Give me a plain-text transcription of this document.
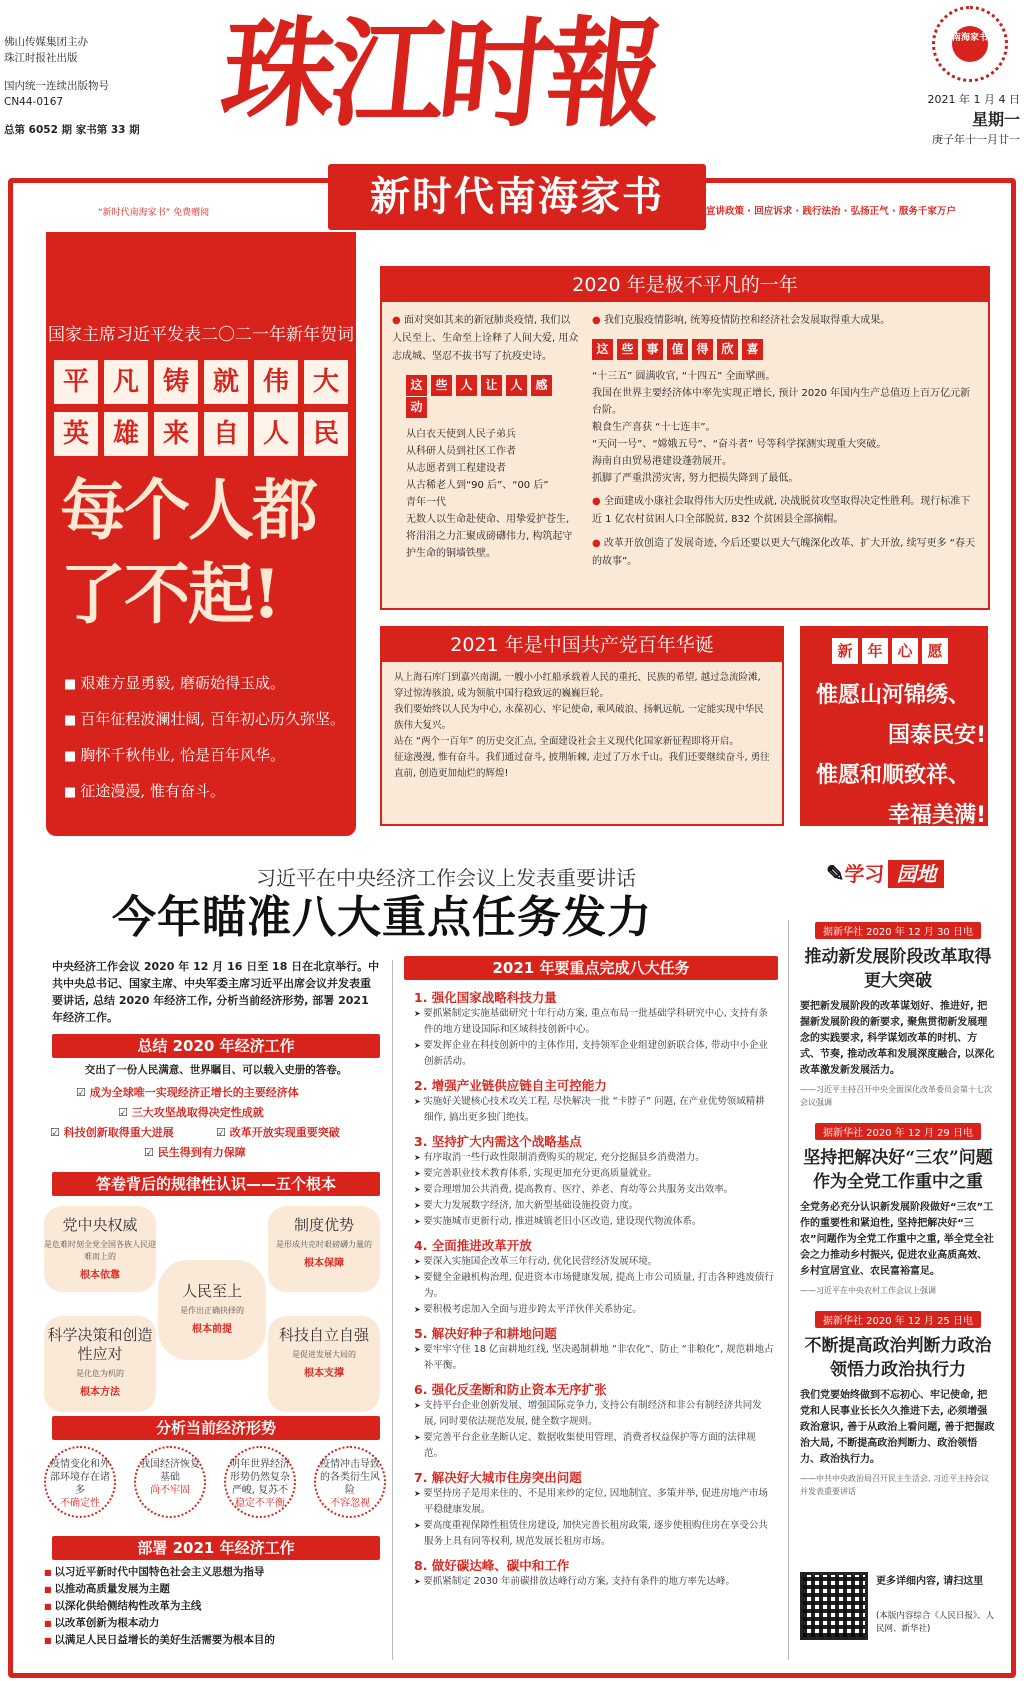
佛山传媒集团主办
珠江时报社出版
国内统一连续出版物号
CN44-0167
总第 6052 期 家书第 33 期 珠江时報	南海家书
2021 年 1 月 4 日
星期一
庚子年十一月廿一
新时代南海家书
“新时代南海家书” 免费赠阅	宣讲政策 · 回应诉求 · 践行法治 · 弘扬正气 · 服务千家万户
国家主席习近平发表二〇二一年新年贺词
平 凡 铸 就 伟 大
英 雄 来 自 人 民
每个人都
了不起!
■ 艰难方显勇毅, 磨砺始得玉成。
■ 百年征程波澜壮阔, 百年初心历久弥坚。
■ 胸怀千秋伟业, 恰是百年风华。
■ 征途漫漫, 惟有奋斗。
2020 年是极不平凡的一年
● 面对突如其来的新冠肺炎疫情, 我们以人民至上、生命至上诠释了人间大爱, 用众志成城、坚忍不拔书写了抗疫史诗。
这 些 人 让 人 感动
从白衣天使到人民子弟兵
从科研人员到社区工作者
从志愿者到工程建设者
从古稀老人到“90 后”、“00 后”
青年一代
无数人以生命赴使命、用挚爱护苍生, 将涓涓之力汇聚成磅礴伟力, 构筑起守护生命的铜墙铁壁。
● 我们克服疫情影响, 统筹疫情防控和经济社会发展取得重大成果。
这 些 事 值 得 欣 喜
“十三五” 圆满收官, “十四五” 全面擘画。
我国在世界主要经济体中率先实现正增长, 预计 2020 年国内生产总值迈上百万亿元新台阶。
粮食生产喜获 “十七连丰”。
“天问一号”、“嫦娥五号”、“奋斗者” 号等科学探测实现重大突破。
海南自由贸易港建设蓬勃展开。
抓脚了严重洪涝灾害, 努力把损失降到了最低。
● 全面建成小康社会取得伟大历史性成就, 决战脱贫攻坚取得决定性胜利。现行标准下近 1 亿农村贫困人口全部脱贫, 832 个贫困县全部摘帽。
● 改革开放创造了发展奇迹, 今后还要以更大气魄深化改革、扩大开放, 续写更多 “春天的故事”。
2021 年是中国共产党百年华诞
从上海石库门到嘉兴南湖, 一艘小小红船承载着人民的重托、民族的希望, 越过急流险滩, 穿过惊涛骇浪, 成为领航中国行稳致远的巍巍巨轮。
我们要始终以人民为中心, 永葆初心、牢记使命, 乘风破浪、扬帆远航, 一定能实现中华民族伟大复兴。
站在 “两个一百年” 的历史交汇点, 全面建设社会主义现代化国家新征程即将开启。
征途漫漫, 惟有奋斗。我们通过奋斗, 披荆斩棘, 走过了万水千山。我们还要继续奋斗, 勇往直前, 创造更加灿烂的辉煌!
新 年 心 愿
惟愿山河锦绣、
国泰民安!
惟愿和顺致祥、
幸福美满!
习近平在中央经济工作会议上发表重要讲话
今年瞄准八大重点任务发力
✎学习 园地
中央经济工作会议 2020 年 12 月 16 日至 18 日在北京举行。中共中央总书记、国家主席、中央军委主席习近平出席会议并发表重要讲话, 总结 2020 年经济工作, 分析当前经济形势, 部署 2021 年经济工作。
总结 2020 年经济工作
交出了一份人民满意、世界瞩目、可以载入史册的答卷。
☑ 成为全球唯一实现经济正增长的主要经济体
☑ 三大攻坚战取得决定性成就
☑ 科技创新取得重大进展
☑	改革开放实现重要突破
☑ 民生得到有力保障
答卷背后的规律性认识——五个根本
党中央权威
是危难时刻全党全国各族人民迎难而上的
根本依靠
制度优势
是形成共克时艰磅礴力量的
根本保障
人民至上
是作出正确抉择的
根本前提
科学决策和创造性应对
是化危为机的
根本方法
科技自立自强
是促进发展大局的
根本支撑
分析当前经济形势
疫情变化和外部环境存在诸多
不确定性
我国经济恢复基础
尚不牢固
明年世界经济形势仍然复杂严峻, 复苏不
稳定不平衡
疫情冲击导致的各类衍生风险
不容忽视
部署 2021 年经济工作
■ 以习近平新时代中国特色社会主义思想为指导
■ 以推动高质量发展为主题
■ 以深化供给侧结构性改革为主线
■ 以改革创新为根本动力
■ 以满足人民日益增长的美好生活需要为根本目的
2021 年要重点完成八大任务
1. 强化国家战略科技力量
➤ 要抓紧制定实施基础研究十年行动方案, 重点布局一批基础学科研究中心, 支持有条件的地方建设国际和区域科技创新中心。
➤ 要发挥企业在科技创新中的主体作用, 支持领军企业组建创新联合体, 带动中小企业创新活动。
2. 增强产业链供应链自主可控能力
➤ 实施好关键核心技术攻关工程, 尽快解决一批 “卡脖子” 问题, 在产业优势领域精耕细作, 搞出更多独门绝技。
3. 坚持扩大内需这个战略基点
➤ 有序取消一些行政性限制消费购买的规定, 充分挖掘县乡消费潜力。
➤ 要完善职业技术教育体系, 实现更加充分更高质量就业。
➤ 要合理增加公共消费, 提高教育、医疗、养老、育幼等公共服务支出效率。
➤ 要大力发展数字经济, 加大新型基础设施投资力度。
➤ 要实施城市更新行动, 推进城镇老旧小区改造, 建设现代物流体系。
4. 全面推进改革开放
➤ 要深入实施国企改革三年行动, 优化民营经济发展环境。
➤ 要健全金融机构治理, 促进资本市场健康发展, 提高上市公司质量, 打击各种逃废债行为。
➤ 要积极考虑加入全面与进步跨太平洋伙伴关系协定。
5. 解决好种子和耕地问题
➤ 要牢牢守住 18 亿亩耕地红线, 坚决遏制耕地 “非农化”、防止 “非粮化”, 规范耕地占补平衡。
6. 强化反垄断和防止资本无序扩张
➤ 支持平台企业创新发展、增强国际竞争力, 支持公有制经济和非公有制经济共同发展, 同时要依法规范发展, 健全数字规则。
➤ 要完善平台企业垄断认定、数据收集使用管理、消费者权益保护等方面的法律规范。
7. 解决好大城市住房突出问题
➤ 要坚持房子是用来住的、不是用来炒的定位, 因地制宜、多策并举, 促进房地产市场平稳健康发展。
➤ 要高度重视保障性租赁住房建设, 加快完善长租房政策, 逐步使租购住房在享受公共服务上具有同等权利, 规范发展长租房市场。
8. 做好碳达峰、碳中和工作
➤ 要抓紧制定 2030 年前碳排放达峰行动方案, 支持有条件的地方率先达峰。
据新华社 2020 年 12 月 30 日电
推动新发展阶段改革取得更大突破
要把新发展阶段的改革谋划好、推进好, 把握新发展阶段的新要求, 聚焦贯彻新发展理念的实践要求, 科学谋划改革的时机、方式、节奏, 推动改革和发展深度融合, 以深化改革激发新发展活力。
——习近平主持召开中央全面深化改革委员会第十七次会议强调
据新华社 2020 年 12 月 29 日电
坚持把解决好“三农”问题作为全党工作重中之重
全党务必充分认识新发展阶段做好“三农”工作的重要性和紧迫性, 坚持把解决好“三农”问题作为全党工作重中之重, 举全党全社会之力推动乡村振兴, 促进农业高质高效、乡村宜居宜业、农民富裕富足。
——习近平在中央农村工作会议上强调
据新华社 2020 年 12 月 25 日电
不断提高政治判断力政治领悟力政治执行力
我们党要始终做到不忘初心、牢记使命, 把党和人民事业长长久久推进下去, 必须增强政治意识, 善于从政治上看问题, 善于把握政治大局, 不断提高政治判断力、政治领悟力、政治执行力。
——中共中央政治局召开民主生活会, 习近平主持会议并发表重要讲话
更多详细内容, 请扫这里
(本版内容综合《人民日报》、人民网、新华社)
